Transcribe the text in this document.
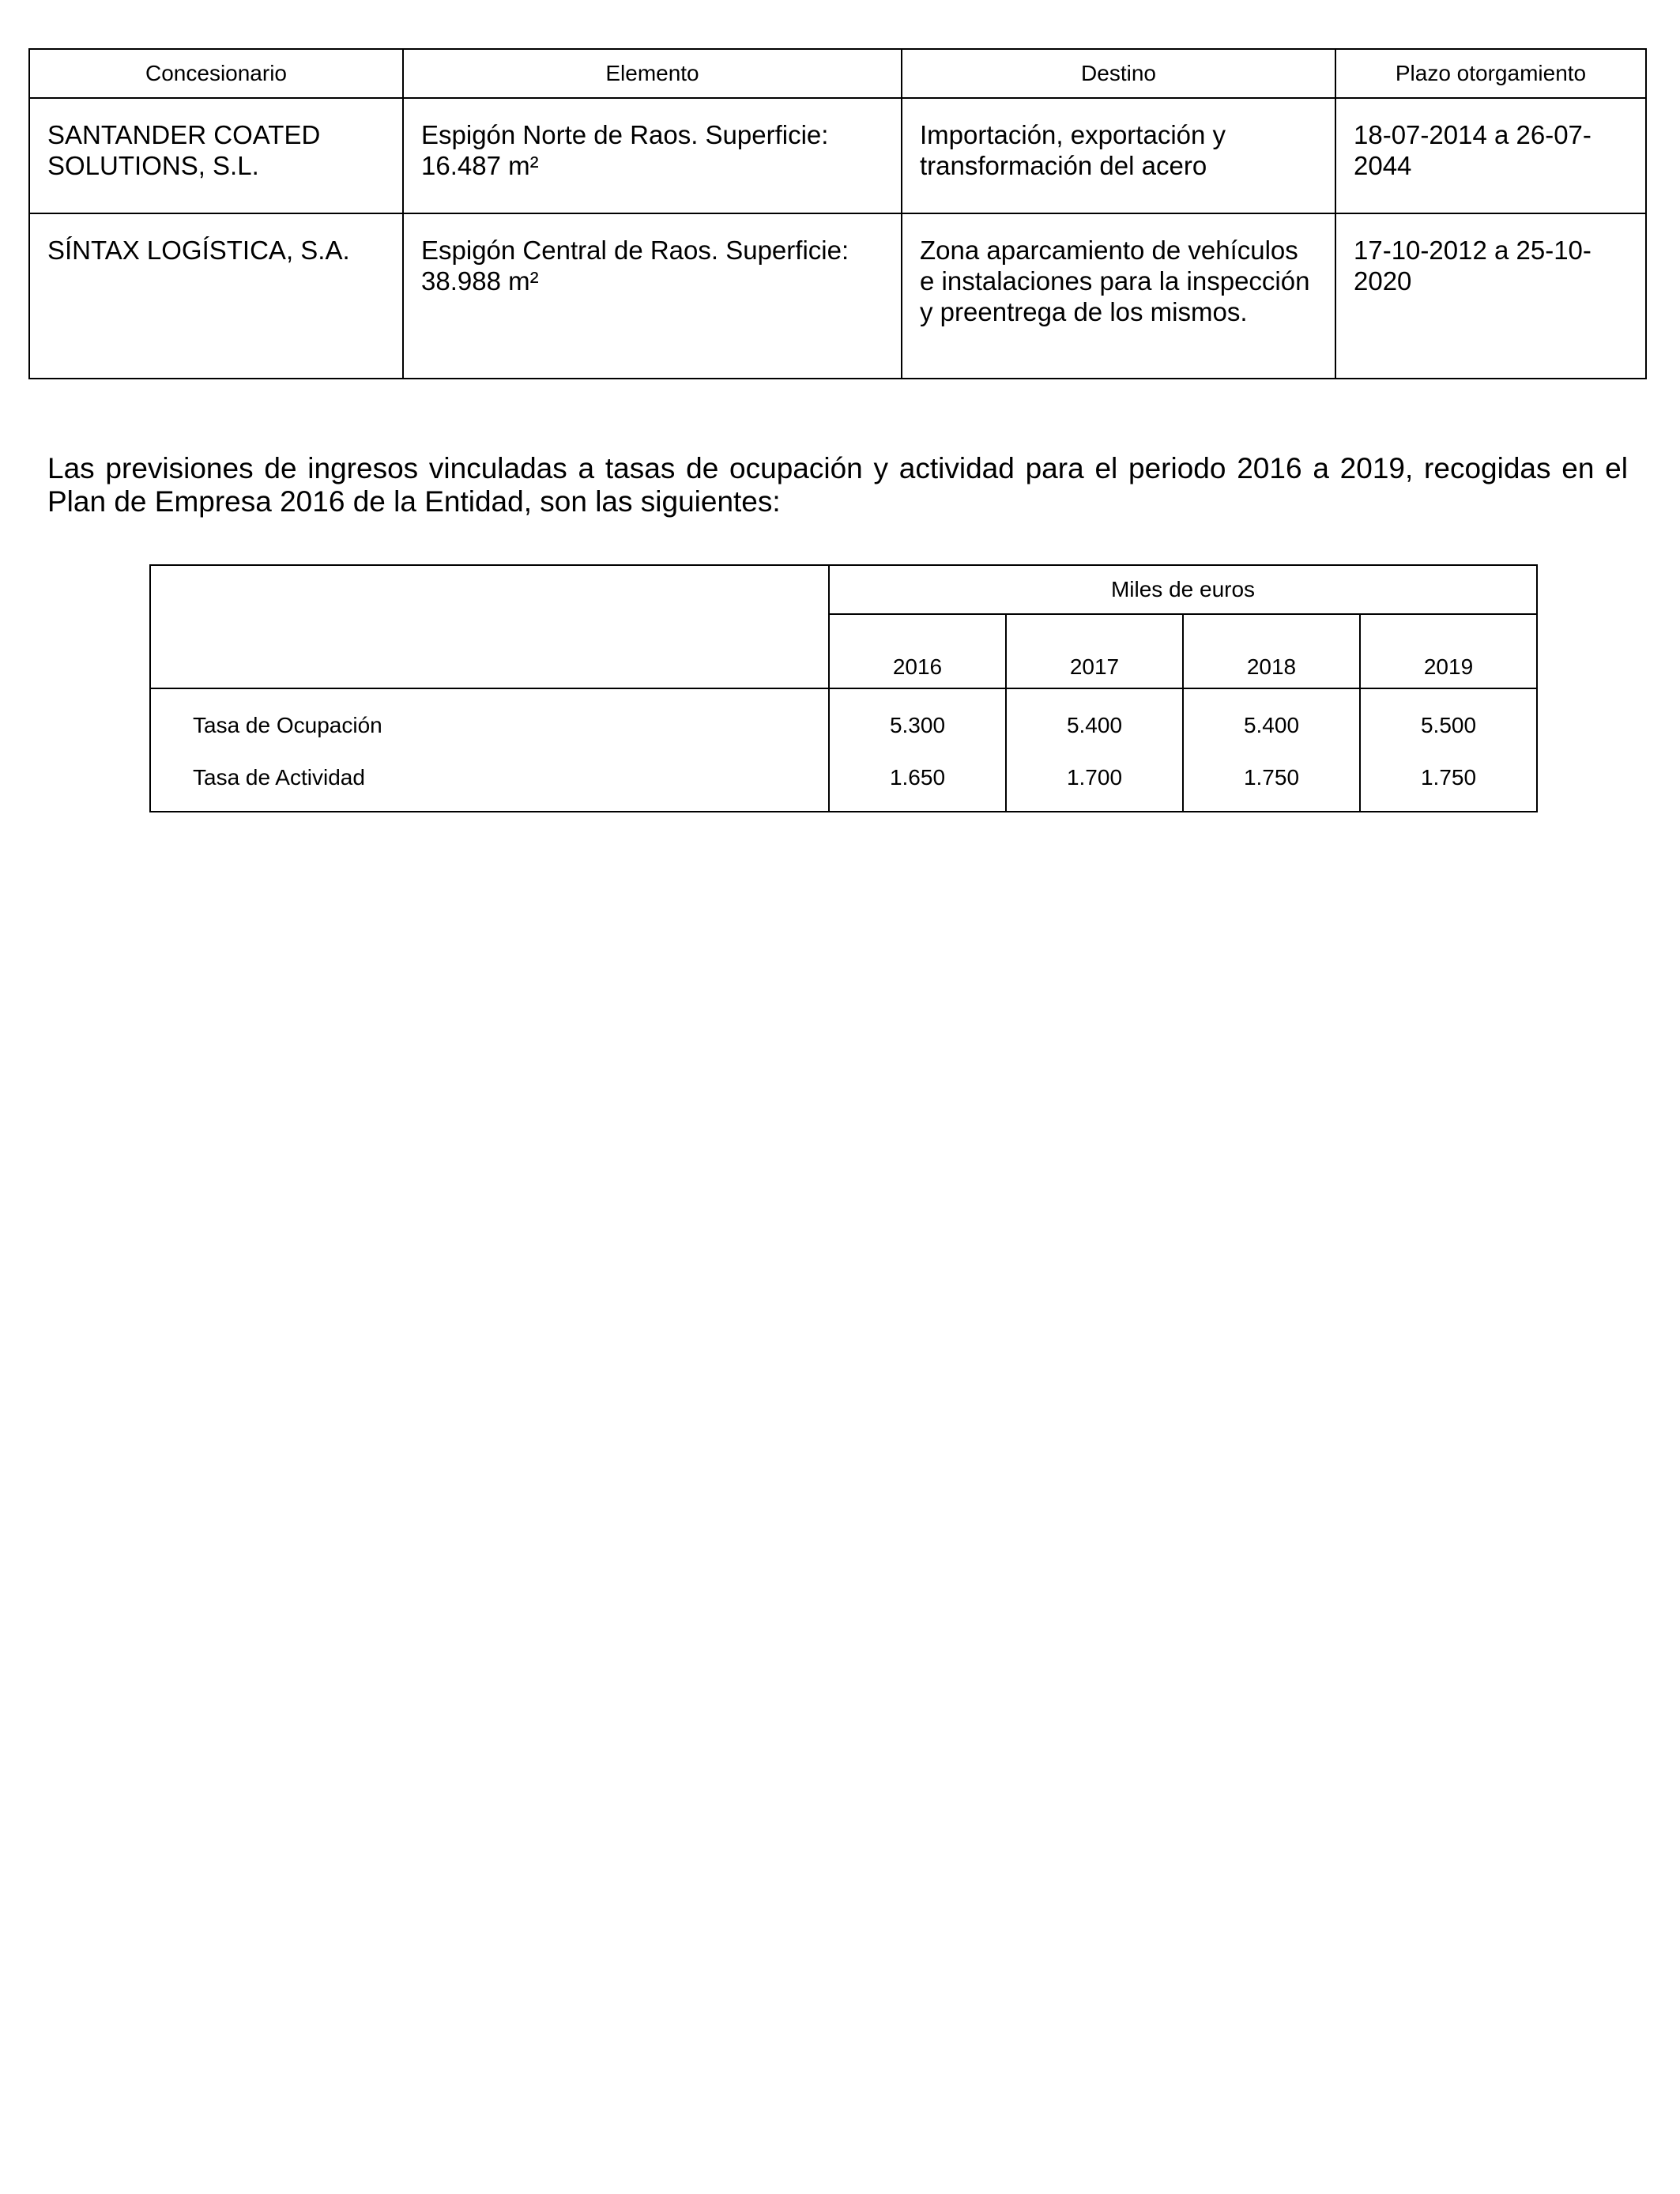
Concesionario	Elemento	Destino	Plazo otorgamiento
SANTANDER COATED SOLUTIONS, S.L.	Espigón Norte de Raos. Superficie: 16.487 m²	Importación, exportación y transformación del acero	18-07-2014 a 26-07-2044
SÍNTAX LOGÍSTICA, S.A.	Espigón Central de Raos. Superficie: 38.988 m²	Zona aparcamiento de vehículos e instalaciones para la inspección y preentrega de los mismos.	17-10-2012 a 25-10-2020

Las previsiones de ingresos vinculadas a tasas de ocupación y actividad para el periodo 2016 a 2019, recogidas en el Plan de Empresa 2016 de la Entidad, son las siguientes:

	Miles de euros			
	2016	2017	2018	2019
Tasa de Ocupación	5.300	5.400	5.400	5.500
Tasa de Actividad	1.650	1.700	1.750	1.750
